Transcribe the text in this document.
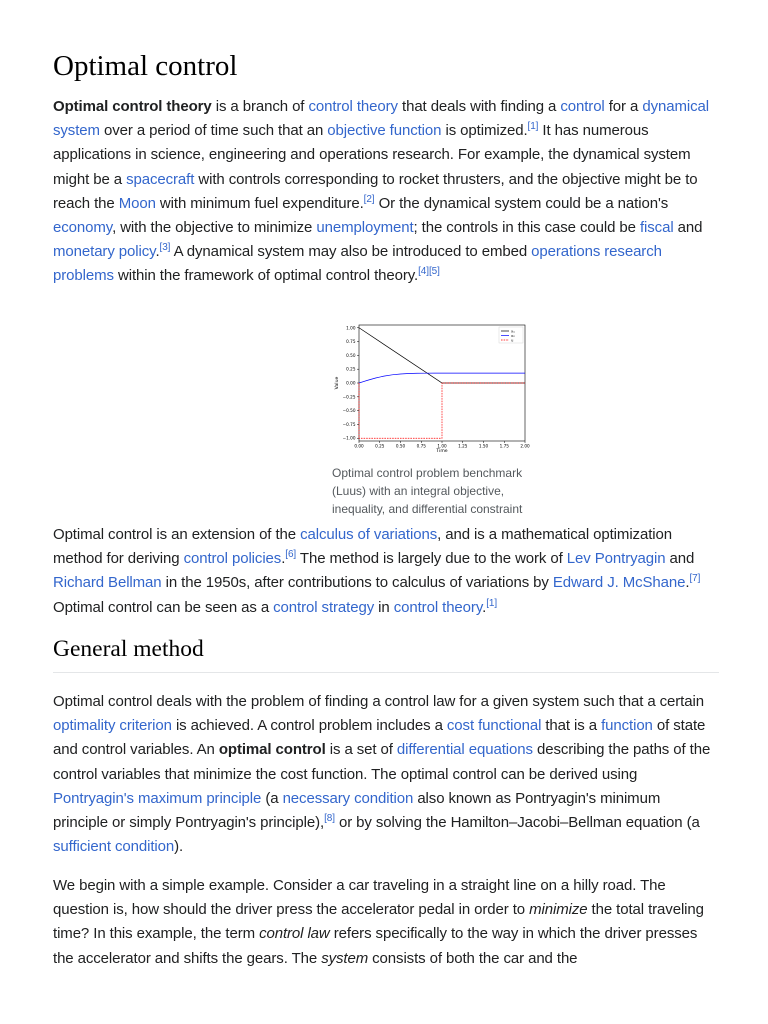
Optimal control

Optimal control theory is a branch of control theory that deals with finding a control for a dynamical system over a period of time such that an objective function is optimized.[1] It has numerous applications in science, engineering and operations research. For example, the dynamical system might be a spacecraft with controls corresponding to rocket thrusters, and the objective might be to reach the Moon with minimum fuel expenditure.[2] Or the dynamical system could be a nation's economy, with the objective to minimize unemployment; the controls in this case could be fiscal and monetary policy.[3] A dynamical system may also be introduced to embed operations research problems within the framework of optimal control theory.[4][5]

1.00
0.75
0.50
0.25
0.00
−0.25
−0.50
−0.75
−1.00
0.00	0.25	0.50	0.75	1.00	1.25	1.50	1.75	2.00
Time
Value
x₁
x₂
u
Optimal control problem benchmark (Luus) with an integral objective, inequality, and differential constraint

Optimal control is an extension of the calculus of variations, and is a mathematical optimization method for deriving control policies.[6] The method is largely due to the work of Lev Pontryagin and Richard Bellman in the 1950s, after contributions to calculus of variations by Edward J. McShane.[7] Optimal control can be seen as a control strategy in control theory.[1]

General method

Optimal control deals with the problem of finding a control law for a given system such that a certain optimality criterion is achieved. A control problem includes a cost functional that is a function of state and control variables. An optimal control is a set of differential equations describing the paths of the control variables that minimize the cost function. The optimal control can be derived using Pontryagin's maximum principle (a necessary condition also known as Pontryagin's minimum principle or simply Pontryagin's principle),[8] or by solving the Hamilton–Jacobi–Bellman equation (a sufficient condition).

We begin with a simple example. Consider a car traveling in a straight line on a hilly road. The question is, how should the driver press the accelerator pedal in order to minimize the total traveling time? In this example, the term control law refers specifically to the way in which the driver presses the accelerator and shifts the gears. The system consists of both the car and the
